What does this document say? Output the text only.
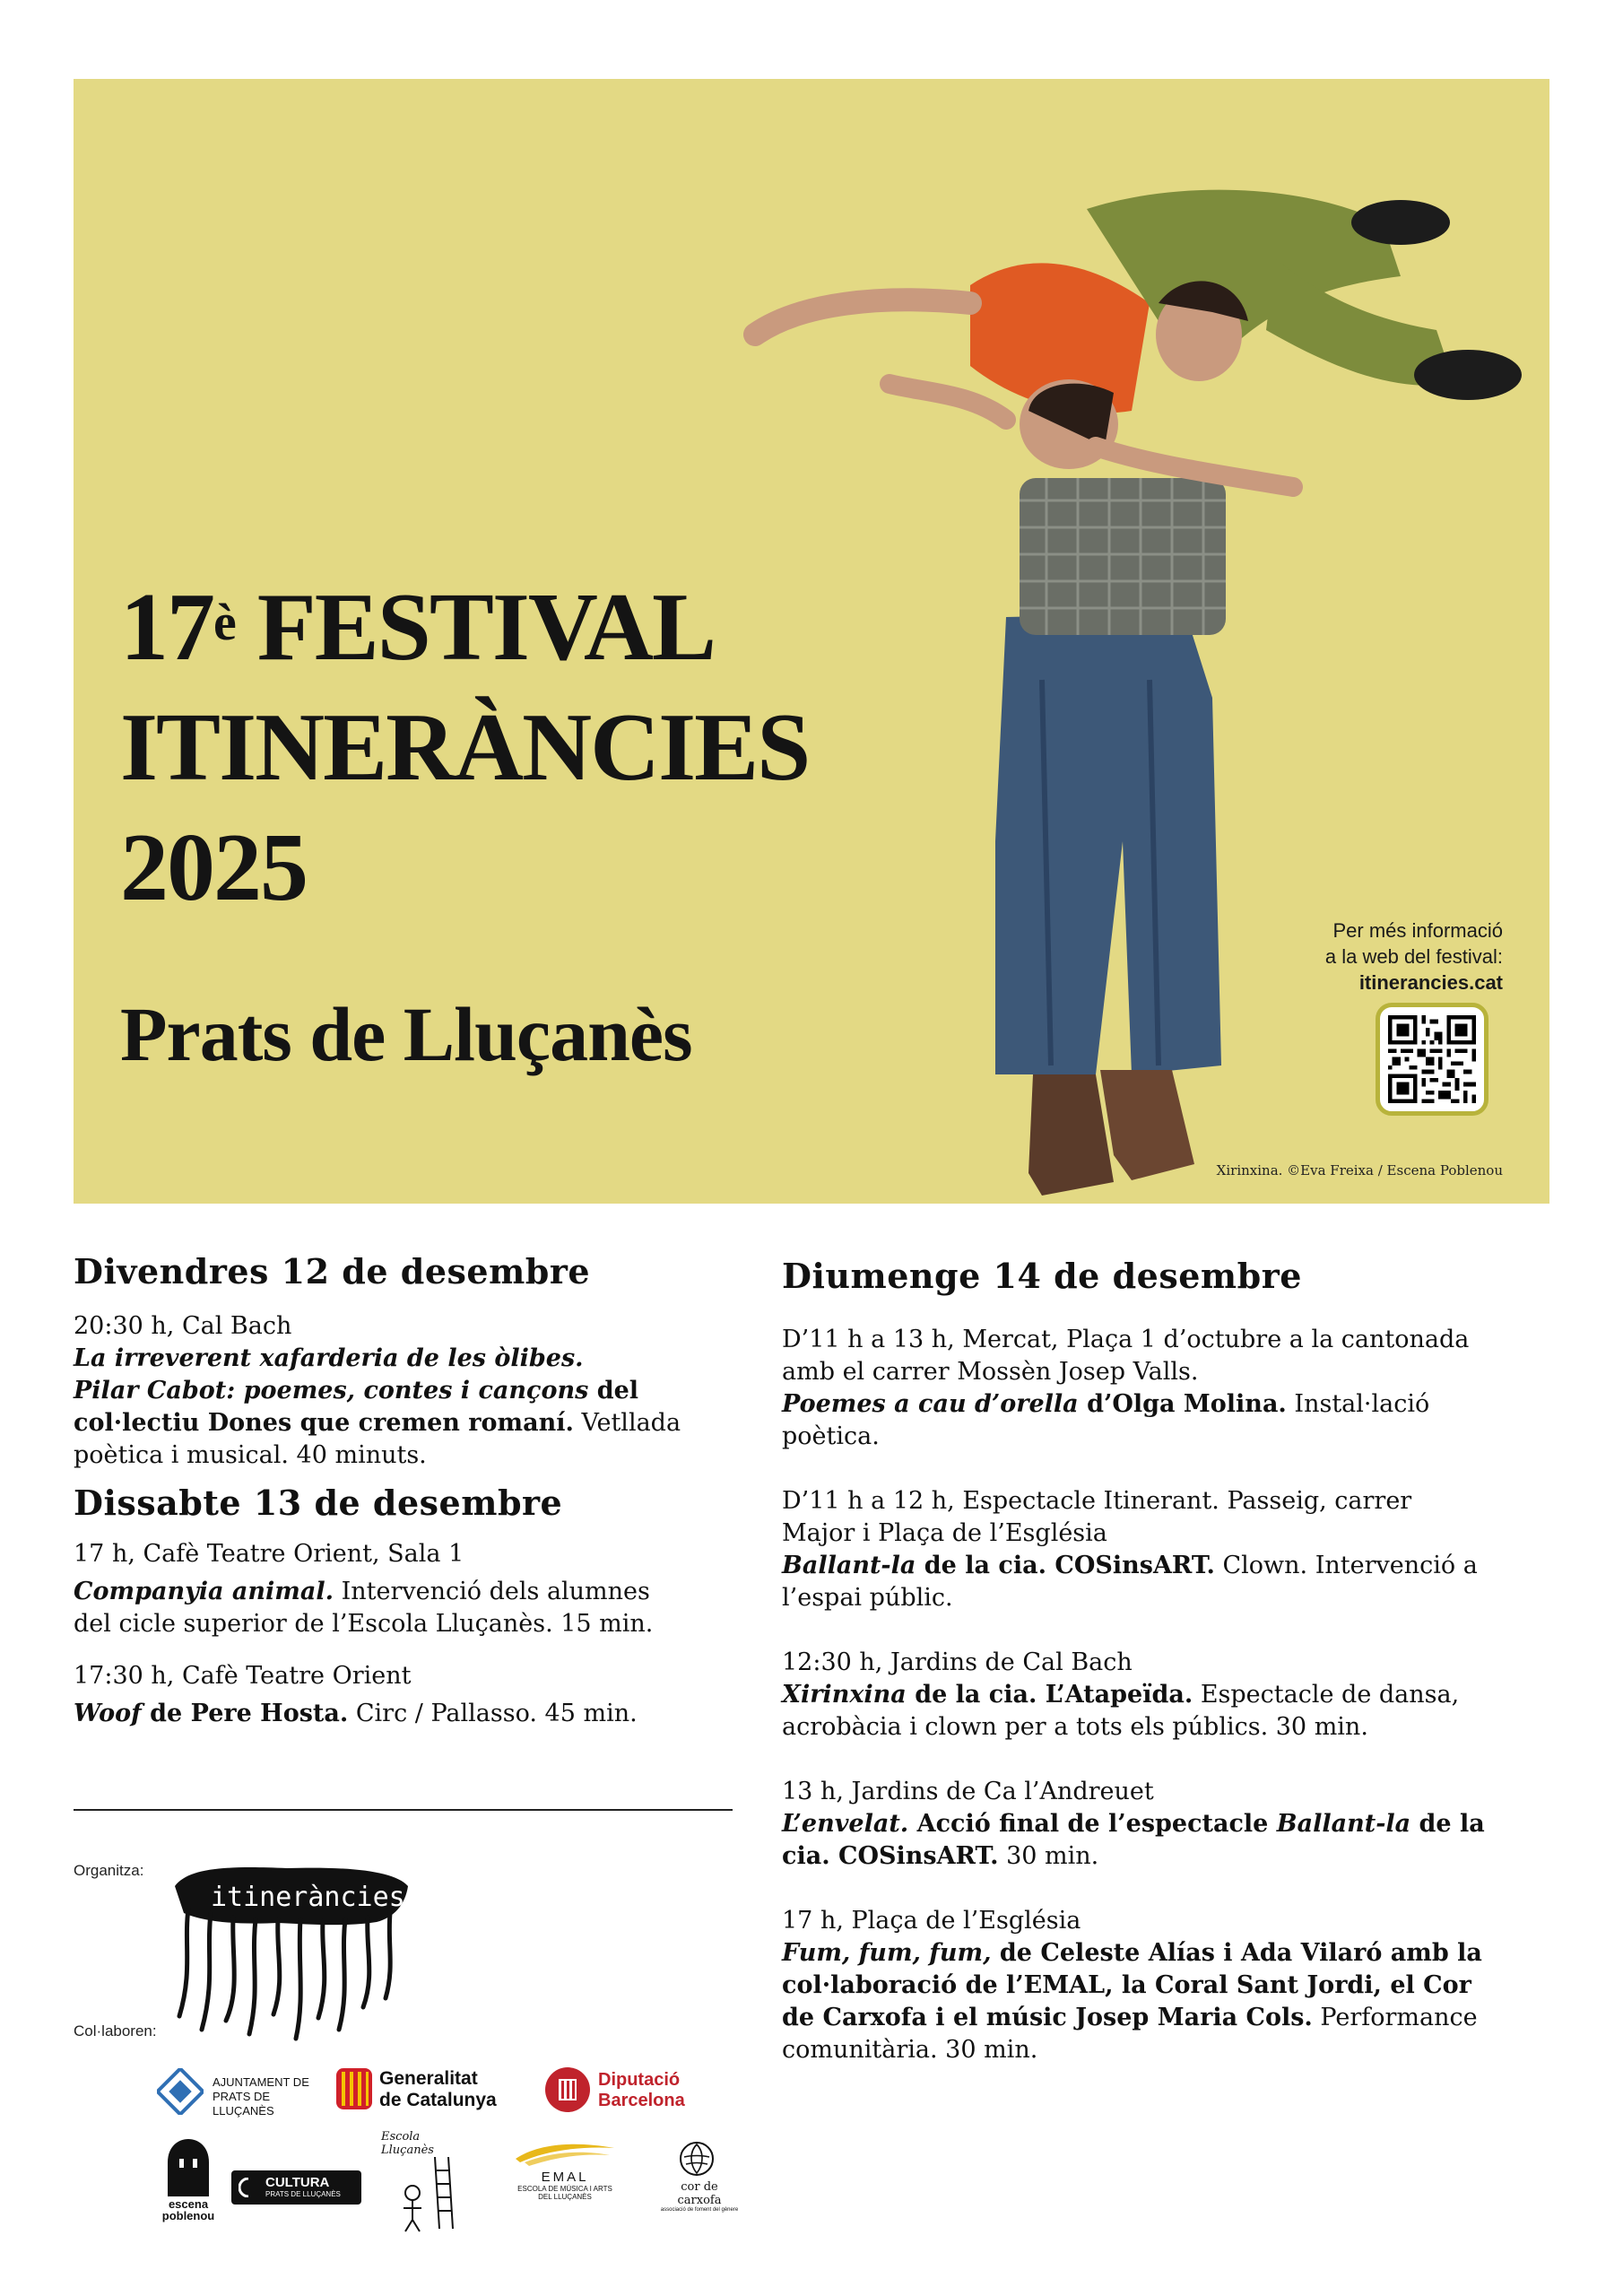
$17^è$ FESTIVAL
ITINERÀNCIES
2025
Prats de Lluçanès
Per més informació
a la web del festival:
itinerancies.cat
Xirinxina. ©Eva Freixa / Escena Poblenou

Divendres 12 de desembre

20:30 h, Cal Bach

La irreverent xafarderia de les òlibes.

Pilar Cabot: poemes, contes i cançons del

col·lectiu Dones que cremen romaní. Vetllada

poètica i musical. 40 minuts.

Dissabte 13 de desembre

17 h, Cafè Teatre Orient, Sala 1

Companyia animal. Intervenció dels alumnes

del cicle superior de l’Escola Lluçanès. 15 min.

17:30 h, Cafè Teatre Orient

Woof de Pere Hosta. Circ / Pallasso. 45 min.

Diumenge 14 de desembre

D’11 h a 13 h, Mercat, Plaça 1 d’octubre a la cantonada

amb el carrer Mossèn Josep Valls.

Poemes a cau d’orella d’Olga Molina. Instal·lació

poètica.

D’11 h a 12 h, Espectacle Itinerant. Passeig, carrer

Major i Plaça de l’Església

Ballant-la de la cia. COSinsART. Clown. Intervenció a

l’espai públic.

12:30 h, Jardins de Cal Bach

Xirinxina de la cia. L’Atapeïda. Espectacle de dansa,

acrobàcia i clown per a tots els públics. 30 min.

13 h, Jardins de Ca l’Andreuet

L’envelat. Acció final de l’espectacle Ballant-la de la

cia. COSinsART. 30 min.

17 h, Plaça de l’Església

Fum, fum, fum, de Celeste Alías i Ada Vilaró amb la

col·laboració de l’EMAL, la Coral Sant Jordi, el Cor

de Carxofa i el músic Josep Maria Cols. Performance

comunitària. 30 min.

Organitza:
itineràncies
Col·laboren:
AJUNTAMENT DE
PRATS DE LLUÇANÈS
Generalitat
de Catalunya
Diputació
Barcelona
escena
poblenou
CULTURA
PRATS DE LLUÇANÈS
Escola Lluçanès
EMAL
ESCOLA DE MÚSICA I ARTS
DEL LLUÇANÈS
cor de carxofa
associació de foment del gènere
